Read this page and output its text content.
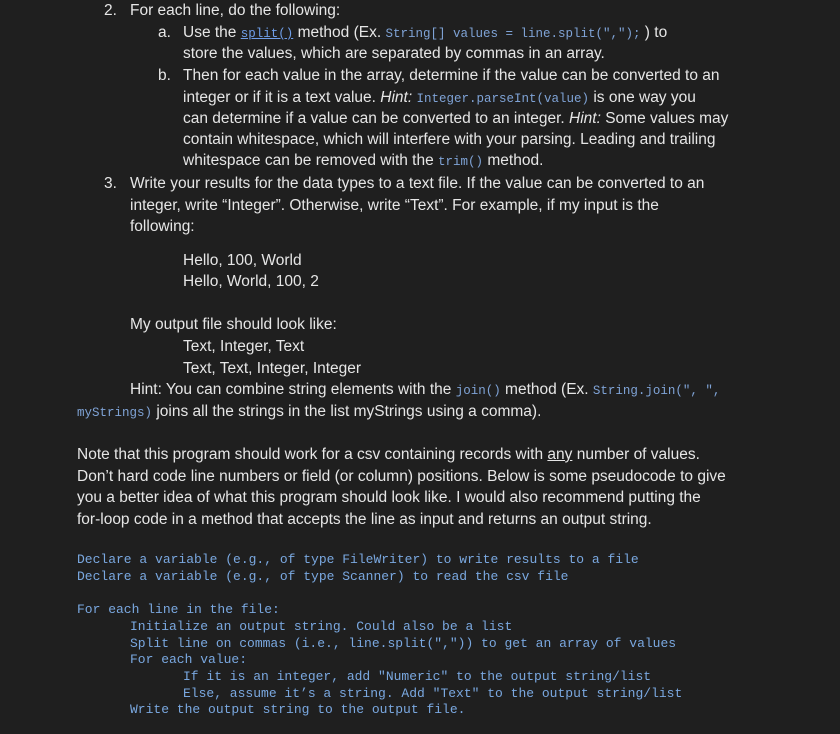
2. For each line, do the following:
a. Use the split() method (Ex. String[] values = line.split(","); ) to
store the values, which are separated by commas in an array.
b. Then for each value in the array, determine if the value can be converted to an
integer or if it is a text value. Hint: Integer.parseInt(value) is one way you
can determine if a value can be converted to an integer. Hint: Some values may
contain whitespace, which will interfere with your parsing. Leading and trailing
whitespace can be removed with the trim() method.
3. Write your results for the data types to a text file. If the value can be converted to an
integer, write “Integer”. Otherwise, write “Text”. For example, if my input is the
following:
Hello, 100, World
Hello, World, 100, 2
My output file should look like:
Text, Integer, Text
Text, Text, Integer, Integer
Hint: You can combine string elements with the join() method (Ex. String.join(", ",
myStrings) joins all the strings in the list myStrings using a comma).
Note that this program should work for a csv containing records with any number of values.
Don’t hard code line numbers or field (or column) positions. Below is some pseudocode to give
you a better idea of what this program should look like. I would also recommend putting the
for-loop code in a method that accepts the line as input and returns an output string.
Declare a variable (e.g., of type FileWriter) to write results to a file
Declare a variable (e.g., of type Scanner) to read the csv file
For each line in the file:
Initialize an output string. Could also be a list
Split line on commas (i.e., line.split(",")) to get an array of values
For each value:
If it is an integer, add "Numeric" to the output string/list
Else, assume it’s a string. Add "Text" to the output string/list
Write the output string to the output file.
